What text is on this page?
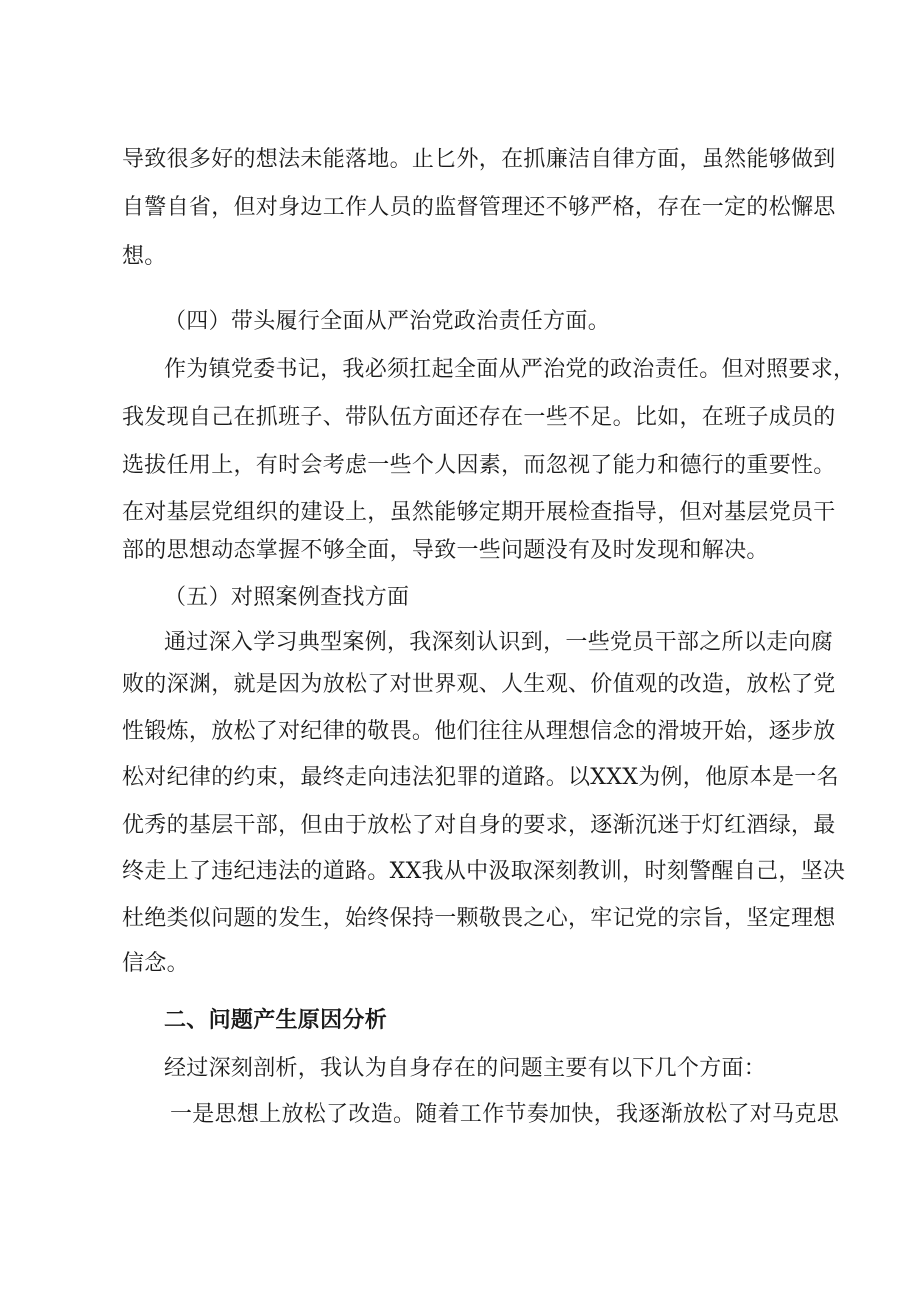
导致很多好的想法未能落地。止匕外，在抓廉洁自律方面，虽然能够做到
自警自省，但对身边工作人员的监督管理还不够严格，存在一定的松懈思
想。
（四）带头履行全面从严治党政治责任方面。
作为镇党委书记，我必须扛起全面从严治党的政治责任。但对照要求，
我发现自己在抓班子、带队伍方面还存在一些不足。比如，在班子成员的
选拔任用上，有时会考虑一些个人因素，而忽视了能力和德行的重要性。
在对基层党组织的建设上，虽然能够定期开展检查指导，但对基层党员干
部的思想动态掌握不够全面，导致一些问题没有及时发现和解决。
（五）对照案例查找方面
通过深入学习典型案例，我深刻认识到，一些党员干部之所以走向腐
败的深渊，就是因为放松了对世界观、人生观、价值观的改造，放松了党
性锻炼，放松了对纪律的敬畏。他们往往从理想信念的滑坡开始，逐步放
松对纪律的约束，最终走向违法犯罪的道路。以XXX为例，他原本是一名
优秀的基层干部，但由于放松了对自身的要求，逐渐沉迷于灯红酒绿，最
终走上了违纪违法的道路。XX我从中汲取深刻教训，时刻警醒自己，坚决
杜绝类似问题的发生，始终保持一颗敬畏之心，牢记党的宗旨，坚定理想
信念。
二、问题产生原因分析
经过深刻剖析，我认为自身存在的问题主要有以下几个方面：
一是思想上放松了改造。随着工作节奏加快，我逐渐放松了对马克思
